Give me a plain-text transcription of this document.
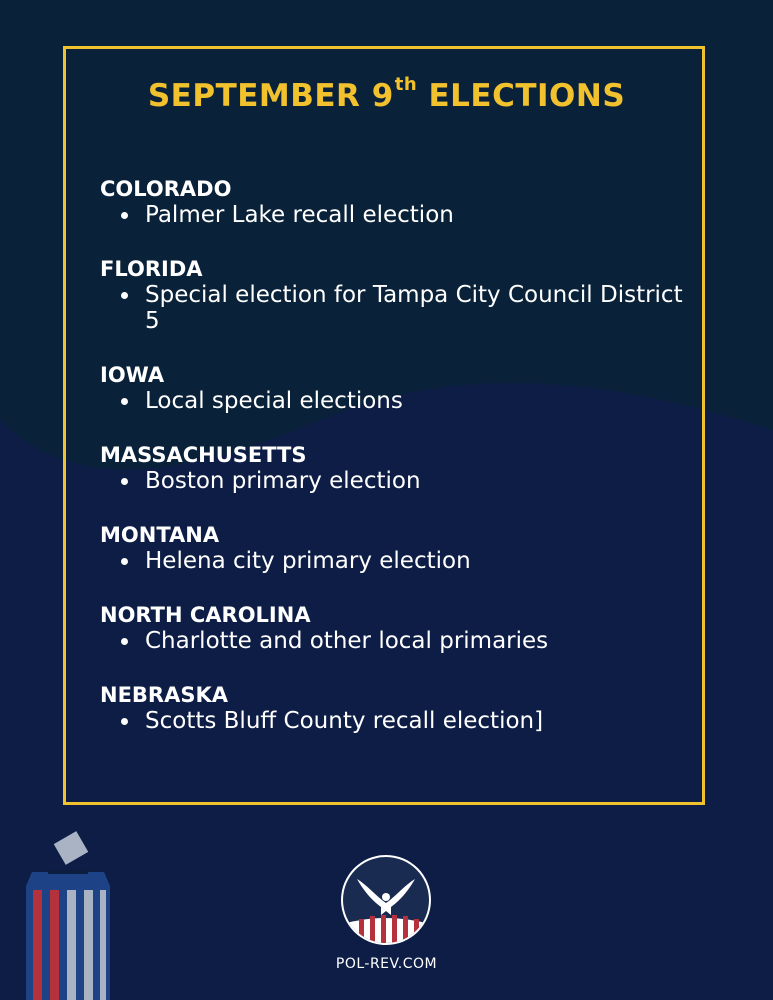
SEPTEMBER 9th ELECTIONS

COLORADO

Palmer Lake recall election

FLORIDA

Special election for Tampa City Council District 5

IOWA

Local special elections

MASSACHUSETTS

Boston primary election

MONTANA

Helena city primary election

NORTH CAROLINA

Charlotte and other local primaries

NEBRASKA

Scotts Bluff County recall election]
POL-REV.COM
